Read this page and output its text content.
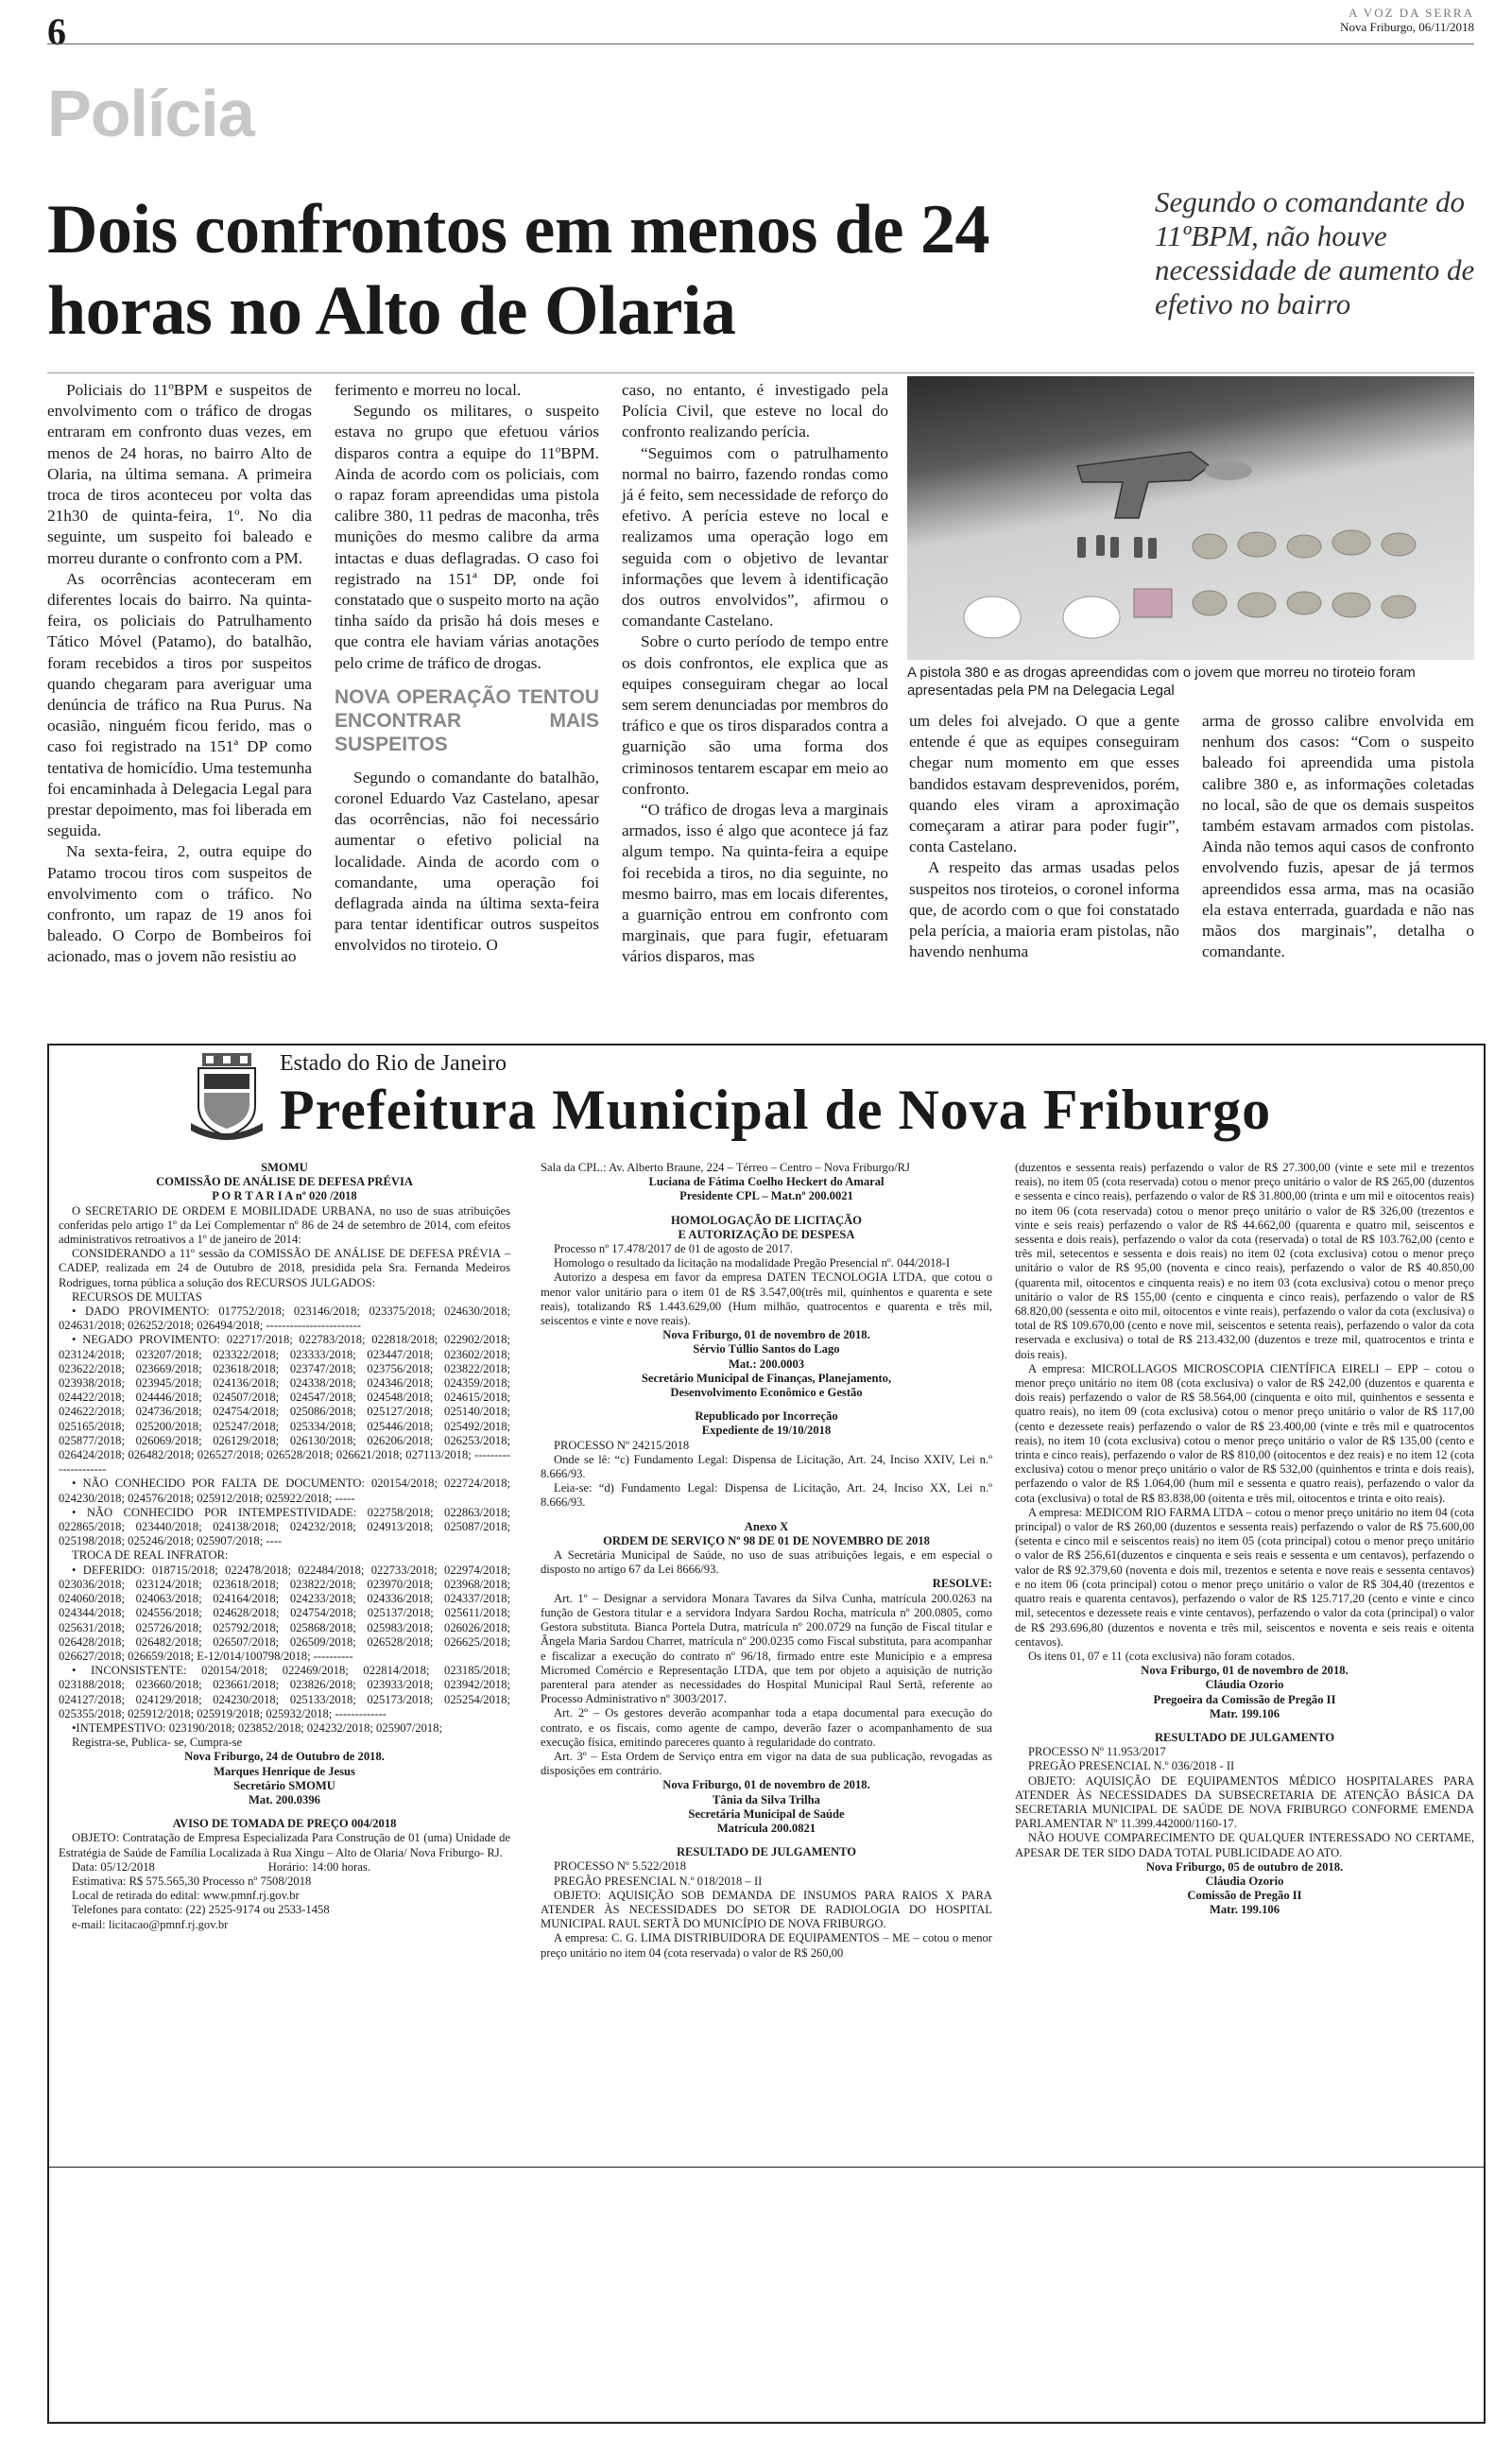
6	A VOZ DA SERRA
Nova Friburgo, 06/11/2018
Polícia
Dois confrontos em menos de 24 horas no Alto de Olaria
Segundo o comandante do 11ºBPM, não houve necessidade de aumento de efetivo no bairro

Policiais do 11ºBPM e suspeitos de envolvimento com o tráfico de drogas entraram em confronto duas vezes, em menos de 24 horas, no bairro Alto de Olaria, na última semana. A primeira troca de tiros aconteceu por volta das 21h30 de quinta-feira, 1º. No dia seguinte, um suspeito foi baleado e morreu durante o confronto com a PM.

As ocorrências aconteceram em diferentes locais do bairro. Na quinta-feira, os policiais do Patrulhamento Tático Móvel (Patamo), do batalhão, foram recebidos a tiros por suspeitos quando chegaram para averiguar uma denúncia de tráfico na Rua Purus. Na ocasião, ninguém ficou ferido, mas o caso foi registrado na 151ª DP como tentativa de homicídio. Uma testemunha foi encaminhada à Delegacia Legal para prestar depoimento, mas foi liberada em seguida.

Na sexta-feira, 2, outra equipe do Patamo trocou tiros com suspeitos de envolvimento com o tráfico. No confronto, um rapaz de 19 anos foi baleado. O Corpo de Bombeiros foi acionado, mas o jovem não resistiu ao

ferimento e morreu no local.

Segundo os militares, o suspeito estava no grupo que efetuou vários disparos contra a equipe do 11ºBPM. Ainda de acordo com os policiais, com o rapaz foram apreendidas uma pistola calibre 380, 11 pedras de maconha, três munições do mesmo calibre da arma intactas e duas deflagradas. O caso foi registrado na 151ª DP, onde foi constatado que o suspeito morto na ação tinha saído da prisão há dois meses e que contra ele haviam várias anotações pelo crime de tráfico de drogas.

NOVA OPERAÇÃO TENTOU ENCONTRAR MAIS SUSPEITOS

Segundo o comandante do batalhão, coronel Eduardo Vaz Castelano, apesar das ocorrências, não foi necessário aumentar o efetivo policial na localidade. Ainda de acordo com o comandante, uma operação foi deflagrada ainda na última sexta-feira para tentar identificar outros suspeitos envolvidos no tiroteio. O

caso, no entanto, é investigado pela Polícia Civil, que esteve no local do confronto realizando perícia.

“Seguimos com o patrulhamento normal no bairro, fazendo rondas como já é feito, sem necessidade de reforço do efetivo. A perícia esteve no local e realizamos uma operação logo em seguida com o objetivo de levantar informações que levem à identificação dos outros envolvidos”, afirmou o comandante Castelano.

Sobre o curto período de tempo entre os dois confrontos, ele explica que as equipes conseguiram chegar ao local sem serem denunciadas por membros do tráfico e que os tiros disparados contra a guarnição são uma forma dos criminosos tentarem escapar em meio ao confronto.

“O tráfico de drogas leva a marginais armados, isso é algo que acontece já faz algum tempo. Na quinta-feira a equipe foi recebida a tiros, no dia seguinte, no mesmo bairro, mas em locais diferentes, a guarnição entrou em confronto com marginais, que para fugir, efetuaram vários disparos, mas

A pistola 380 e as drogas apreendidas com o jovem que morreu no tiroteio foram apresentadas pela PM na Delegacia Legal

um deles foi alvejado. O que a gente entende é que as equipes conseguiram chegar num momento em que esses bandidos estavam desprevenidos, porém, quando eles viram a aproximação começaram a atirar para poder fugir”, conta Castelano.

A respeito das armas usadas pelos suspeitos nos tiroteios, o coronel informa que, de acordo com o que foi constatado pela perícia, a maioria eram pistolas, não havendo nenhuma

arma de grosso calibre envolvida em nenhum dos casos: “Com o suspeito baleado foi apreendida uma pistola calibre 380 e, as informações coletadas no local, são de que os demais suspeitos também estavam armados com pistolas. Ainda não temos aqui casos de confronto envolvendo fuzis, apesar de já termos apreendidos essa arma, mas na ocasião ela estava enterrada, guardada e não nas mãos dos marginais”, detalha o comandante.

Estado do Rio de Janeiro
Prefeitura Municipal de Nova Friburgo

SMOMU

COMISSÃO DE ANÁLISE DE DEFESA PRÉVIA

P O R T A R I A nº 020 /2018

O SECRETARIO DE ORDEM E MOBILIDADE URBANA, no uso de suas atribuições conferidas pelo artigo 1º da Lei Complementar nº 86 de 24 de setembro de 2014, com efeitos administrativos retroativos a 1º de janeiro de 2014:

CONSIDERANDO a 11º sessão da COMISSÃO DE ANÁLISE DE DEFESA PRÉVIA – CADEP, realizada em 24 de Outubro de 2018, presidida pela Sra. Fernanda Medeiros Rodrigues, torna pública a solução dos RECURSOS JULGADOS:

RECURSOS DE MULTAS

• DADO PROVIMENTO: 017752/2018; 023146/2018; 023375/2018; 024630/2018; 024631/2018; 026252/2018; 026494/2018; ------------------------

• NEGADO PROVIMENTO: 022717/2018; 022783/2018; 022818/2018; 022902/2018; 023124/2018; 023207/2018; 023322/2018; 023333/2018; 023447/2018; 023602/2018; 023622/2018; 023669/2018; 023618/2018; 023747/2018; 023756/2018; 023822/2018; 023938/2018; 023945/2018; 024136/2018; 024338/2018; 024346/2018; 024359/2018; 024422/2018; 024446/2018; 024507/2018; 024547/2018; 024548/2018; 024615/2018; 024622/2018; 024736/2018; 024754/2018; 025086/2018; 025127/2018; 025140/2018; 025165/2018; 025200/2018; 025247/2018; 025334/2018; 025446/2018; 025492/2018; 025877/2018; 026069/2018; 026129/2018; 026130/2018; 026206/2018; 026253/2018; 026424/2018; 026482/2018; 026527/2018; 026528/2018; 026621/2018; 027113/2018; ---------------------

• NÃO CONHECIDO POR FALTA DE DOCUMENTO: 020154/2018; 022724/2018; 024230/2018; 024576/2018; 025912/2018; 025922/2018; -----

• NÃO CONHECIDO POR INTEMPESTIVIDADE: 022758/2018; 022863/2018; 022865/2018; 023440/2018; 024138/2018; 024232/2018; 024913/2018; 025087/2018; 025198/2018; 025246/2018; 025907/2018; ----

TROCA DE REAL INFRATOR:

• DEFERIDO: 018715/2018; 022478/2018; 022484/2018; 022733/2018; 022974/2018; 023036/2018; 023124/2018; 023618/2018; 023822/2018; 023970/2018; 023968/2018; 024060/2018; 024063/2018; 024164/2018; 024233/2018; 024336/2018; 024337/2018; 024344/2018; 024556/2018; 024628/2018; 024754/2018; 025137/2018; 025611/2018; 025631/2018; 025726/2018; 025792/2018; 025868/2018; 025983/2018; 026026/2018; 026428/2018; 026482/2018; 026507/2018; 026509/2018; 026528/2018; 026625/2018; 026627/2018; 026659/2018; E-12/014/100798/2018; ----------

• INCONSISTENTE: 020154/2018; 022469/2018; 022814/2018; 023185/2018; 023188/2018; 023660/2018; 023661/2018; 023826/2018; 023933/2018; 023942/2018; 024127/2018; 024129/2018; 024230/2018; 025133/2018; 025173/2018; 025254/2018; 025355/2018; 025912/2018; 025919/2018; 025932/2018; -------------

•INTEMPESTIVO: 023190/2018; 023852/2018; 024232/2018; 025907/2018;

Registra-se, Publica- se, Cumpra-se

Nova Friburgo, 24 de Outubro de 2018.

Marques Henrique de Jesus

Secretário SMOMU

Mat. 200.0396

AVISO DE TOMADA DE PREÇO 004/2018

OBJETO: Contratação de Empresa Especializada Para Construção de 01 (uma) Unidade de Estratégia de Saúde de Família Localizada à Rua Xingu – Alto de Olaria/ Nova Friburgo- RJ.

Data: 05/12/2018	Horário: 14:00 horas.

Estimativa: R$ 575.565,30 Processo nº 7508/2018

Local de retirada do edital: www.pmnf.rj.gov.br

Telefones para contato: (22) 2525-9174 ou 2533-1458

e-mail: licitacao@pmnf.rj.gov.br

Sala da CPL.: Av. Alberto Braune, 224 – Térreo – Centro – Nova Friburgo/RJ

Luciana de Fátima Coelho Heckert do Amaral

Presidente CPL – Mat.nº 200.0021

HOMOLOGAÇÃO DE LICITAÇÃO

E AUTORIZAÇÃO DE DESPESA

Processo nº 17.478/2017 de 01 de agosto de 2017.

Homologo o resultado da licitação na modalidade Pregão Presencial nº. 044/2018-I

Autorizo a despesa em favor da empresa DATEN TECNOLOGIA LTDA, que cotou o menor valor unitário para o item 01 de R$ 3.547,00(três mil, quinhentos e quarenta e sete reais), totalizando R$ 1.443.629,00 (Hum milhão, quatrocentos e quarenta e três mil, seiscentos e vinte e nove reais).

Nova Friburgo, 01 de novembro de 2018.

Sérvio Túllio Santos do Lago

Mat.: 200.0003

Secretário Municipal de Finanças, Planejamento,

Desenvolvimento Econômico e Gestão

Republicado por Incorreção

Expediente de 19/10/2018

PROCESSO Nº 24215/2018

Onde se lê: “c) Fundamento Legal: Dispensa de Licitação, Art. 24, Inciso XXIV, Lei n.º 8.666/93.

Leia-se: “d) Fundamento Legal: Dispensa de Licitação, Art. 24, Inciso XX, Lei n.º 8.666/93.

Anexo X

ORDEM DE SERVIÇO Nº 98 DE 01 DE NOVEMBRO DE 2018

A Secretária Municipal de Saúde, no uso de suas atribuições legais, e em especial o disposto no artigo 67 da Lei 8666/93.

RESOLVE:

Art. 1º – Designar a servidora Monara Tavares da Silva Cunha, matrícula 200.0263 na função de Gestora titular e a servidora Indyara Sardou Rocha, matrícula nº 200.0805, como Gestora substituta. Bianca Portela Dutra, matrícula nº 200.0729 na função de Fiscal titular e Ângela Maria Sardou Charret, matrícula nº 200.0235 como Fiscal substituta, para acompanhar e fiscalizar a execução do contrato nº 96/18, firmado entre este Município e a empresa Micromed Comércio e Representação LTDA, que tem por objeto a aquisição de nutrição parenteral para atender as necessidades do Hospital Municipal Raul Sertã, referente ao Processo Administrativo nº 3003/2017.

Art. 2º – Os gestores deverão acompanhar toda a etapa documental para execução do contrato, e os fiscais, como agente de campo, deverão fazer o acompanhamento de sua execução física, emitindo pareceres quanto à regularidade do contrato.

Art. 3º – Esta Ordem de Serviço entra em vigor na data de sua publicação, revogadas as disposições em contrário.

Nova Friburgo, 01 de novembro de 2018.

Tânia da Silva Trilha

Secretária Municipal de Saúde

Matrícula 200.0821

RESULTADO DE JULGAMENTO

PROCESSO Nº 5.522/2018

PREGÃO PRESENCIAL N.º 018/2018 – II

OBJETO: AQUISIÇÃO SOB DEMANDA DE INSUMOS PARA RAIOS X PARA ATENDER ÀS NECESSIDADES DO SETOR DE RADIOLOGIA DO HOSPITAL MUNICIPAL RAUL SERTÃ DO MUNICÍPIO DE NOVA FRIBURGO.

A empresa: C. G. LIMA DISTRIBUIDORA DE EQUIPAMENTOS – ME – cotou o menor preço unitário no item 04 (cota reservada) o valor de R$ 260,00

(duzentos e sessenta reais) perfazendo o valor de R$ 27.300,00 (vinte e sete mil e trezentos reais), no item 05 (cota reservada) cotou o menor preço unitário o valor de R$ 265,00 (duzentos e sessenta e cinco reais), perfazendo o valor de R$ 31.800,00 (trinta e um mil e oitocentos reais) no item 06 (cota reservada) cotou o menor preço unitário o valor de R$ 326,00 (trezentos e vinte e seis reais) perfazendo o valor de R$ 44.662,00 (quarenta e quatro mil, seiscentos e sessenta e dois reais), perfazendo o valor da cota (reservada) o total de R$ 103.762,00 (cento e três mil, setecentos e sessenta e dois reais) no item 02 (cota exclusiva) cotou o menor preço unitário o valor de R$ 95,00 (noventa e cinco reais), perfazendo o valor de R$ 40.850,00 (quarenta mil, oitocentos e cinquenta reais) e no item 03 (cota exclusiva) cotou o menor preço unitário o valor de R$ 155,00 (cento e cinquenta e cinco reais), perfazendo o valor de R$ 68.820,00 (sessenta e oito mil, oitocentos e vinte reais), perfazendo o valor da cota (exclusiva) o total de R$ 109.670,00 (cento e nove mil, seiscentos e setenta reais), perfazendo o valor da cota reservada e exclusiva) o total de R$ 213.432,00 (duzentos e treze mil, quatrocentos e trinta e dois reais).

A empresa: MICROLLAGOS MICROSCOPIA CIENTÍFICA EIRELI – EPP – cotou o menor preço unitário no item 08 (cota exclusiva) o valor de R$ 242,00 (duzentos e quarenta e dois reais) perfazendo o valor de R$ 58.564,00 (cinquenta e oito mil, quinhentos e sessenta e quatro reais), no item 09 (cota exclusiva) cotou o menor preço unitário o valor de R$ 117,00 (cento e dezessete reais) perfazendo o valor de R$ 23.400,00 (vinte e três mil e quatrocentos reais), no item 10 (cota exclusiva) cotou o menor preço unitário o valor de R$ 135,00 (cento e trinta e cinco reais), perfazendo o valor de R$ 810,00 (oitocentos e dez reais) e no item 12 (cota exclusiva) cotou o menor preço unitário o valor de R$ 532,00 (quinhentos e trinta e dois reais), perfazendo o valor de R$ 1.064,00 (hum mil e sessenta e quatro reais), perfazendo o valor da cota (exclusiva) o total de R$ 83.838,00 (oitenta e três mil, oitocentos e trinta e oito reais).

A empresa: MEDICOM RIO FARMA LTDA – cotou o menor preço unitário no item 04 (cota principal) o valor de R$ 260,00 (duzentos e sessenta reais) perfazendo o valor de R$ 75.600,00 (setenta e cinco mil e seiscentos reais) no item 05 (cota principal) cotou o menor preço unitário o valor de R$ 256,61(duzentos e cinquenta e seis reais e sessenta e um centavos), perfazendo o valor de R$ 92.379,60 (noventa e dois mil, trezentos e setenta e nove reais e sessenta centavos) e no item 06 (cota principal) cotou o menor preço unitário o valor de R$ 304,40 (trezentos e quatro reais e quarenta centavos), perfazendo o valor de R$ 125.717,20 (cento e vinte e cinco mil, setecentos e dezessete reais e vinte centavos), perfazendo o valor da cota (principal) o valor de R$ 293.696,80 (duzentos e noventa e três mil, seiscentos e noventa e seis reais e oitenta centavos).

Os itens 01, 07 e 11 (cota exclusiva) não foram cotados.

Nova Friburgo, 01 de novembro de 2018.

Cláudia Ozorio

Pregoeira da Comissão de Pregão II

Matr. 199.106

RESULTADO DE JULGAMENTO

PROCESSO Nº 11.953/2017

PREGÃO PRESENCIAL N.º 036/2018 - II

OBJETO: AQUISIÇÃO DE EQUIPAMENTOS MÉDICO HOSPITALARES PARA ATENDER ÀS NECESSIDADES DA SUBSECRETARIA DE ATENÇÃO BÁSICA DA SECRETARIA MUNICIPAL DE SAÚDE DE NOVA FRIBURGO CONFORME EMENDA PARLAMENTAR Nº 11.399.442000/1160-17.

NÃO HOUVE COMPARECIMENTO DE QUALQUER INTERESSADO NO CERTAME, APESAR DE TER SIDO DADA TOTAL PUBLICIDADE AO ATO.

Nova Friburgo, 05 de outubro de 2018.

Cláudia Ozorio

Comissão de Pregão II

Matr. 199.106
